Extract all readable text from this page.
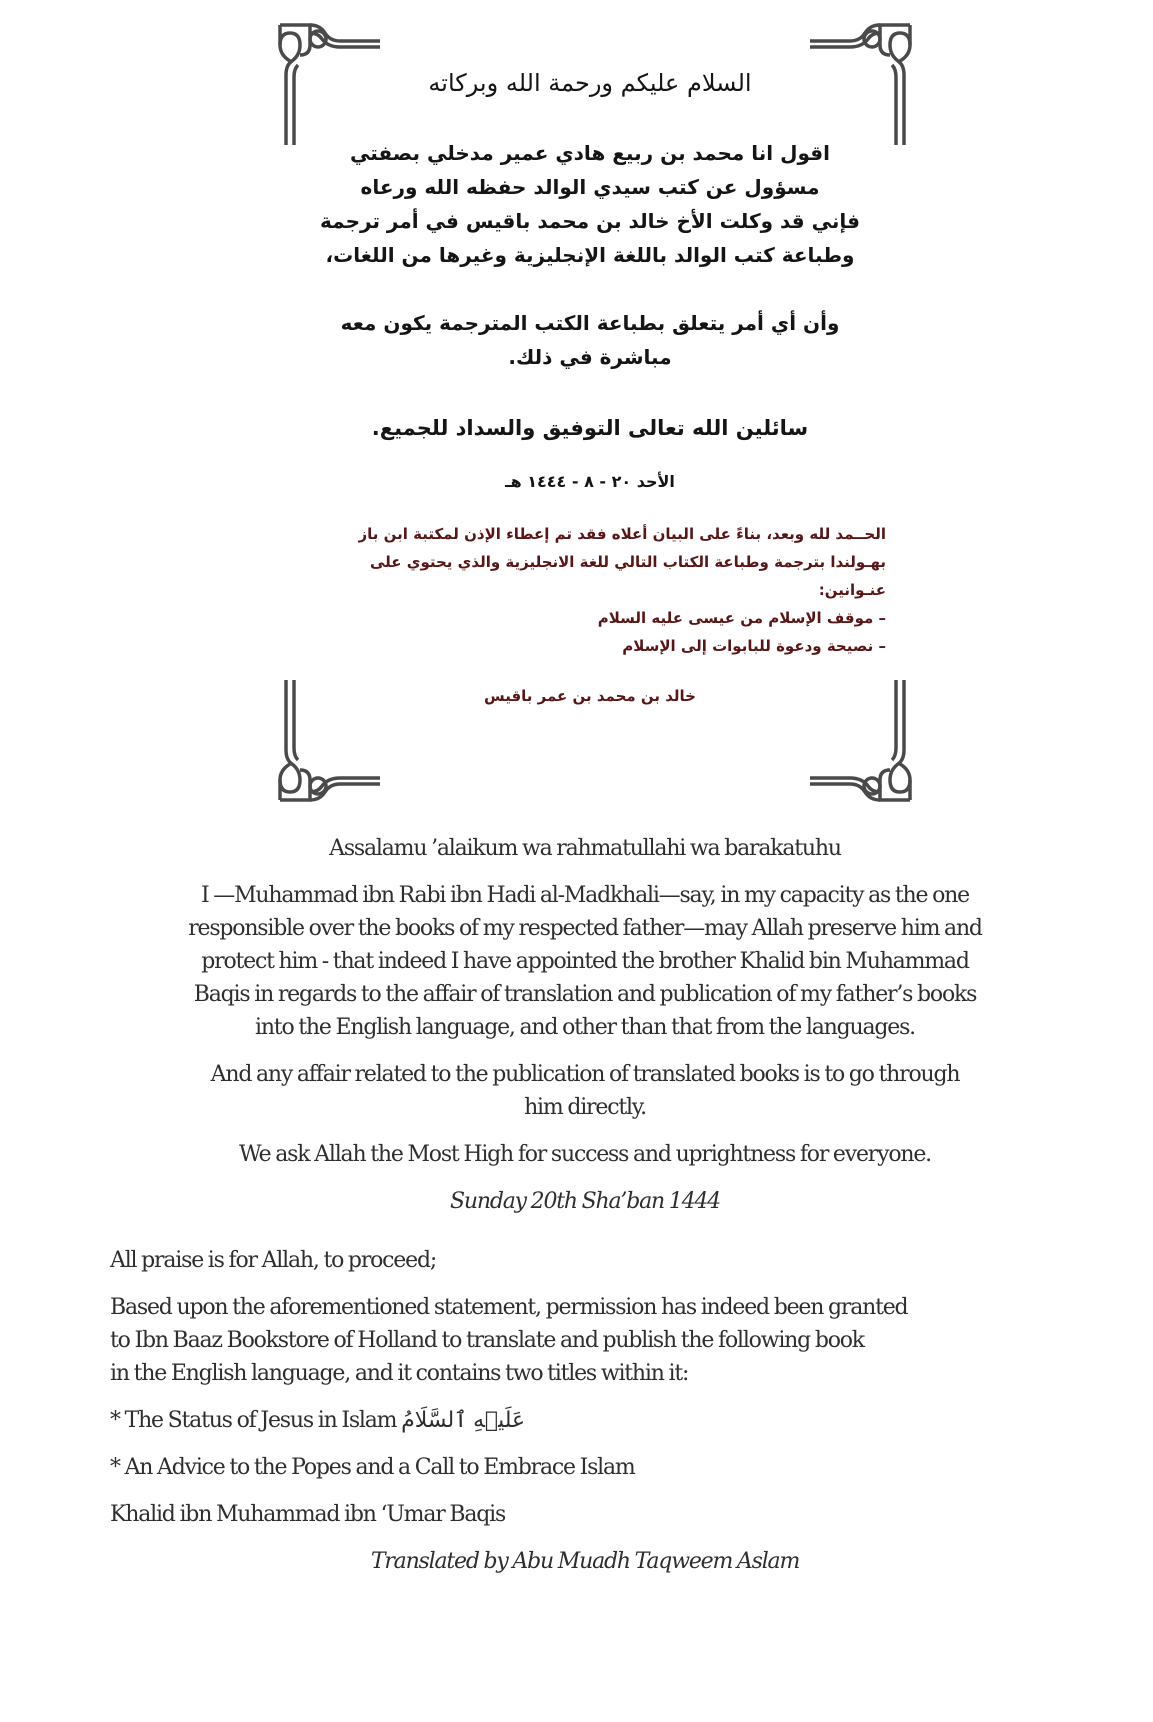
السلام عليكم ورحمة الله وبركاته

اقول انا محمد بن ربيع هادي عمير مدخلي بصفتي

مسؤول عن كتب سيدي الوالد حفظه الله ورعاه

فإني قد وكلت الأخ خالد بن محمد باقيس في أمر ترجمة

وطباعة كتب الوالد باللغة الإنجليزية وغيرها من اللغات،

وأن أي أمر يتعلق بطباعة الكتب المترجمة يكون معه

مباشرة في ذلك.

سائلين الله تعالى التوفيق والسداد للجميع.

الأحد ٢٠ - ٨ - ١٤٤٤ هـ

الحــمد لله وبعد، بناءً على البيان أعلاه فقد تم إعطاء الإذن لمكتبة ابن باز

بهـولندا بترجمة وطباعة الكتاب التالي للغة الانجليزية والذي يحتوي على

عنـوانين:

– موقف الإسلام من عيسى عليه السلام

– نصيحة ودعوة للبابوات إلى الإسلام

خالد بن محمد بن عمر باقيس

Assalamu ’alaikum wa rahmatullahi wa barakatuhu

I —Muhammad ibn Rabi ibn Hadi al-Madkhali—say, in my capacity as the one

responsible over the books of my respected father—may Allah preserve him and

protect him - that indeed I have appointed the brother Khalid bin Muhammad

Baqis in regards to the affair of translation and publication of my father’s books

into the English language, and other than that from the languages.

And any affair related to the publication of translated books is to go through

him directly.

We ask Allah the Most High for success and uprightness for everyone.

Sunday 20th Sha’ban 1444

All praise is for Allah, to proceed;

Based upon the aforementioned statement, permission has indeed been granted

to Ibn Baaz Bookstore of Holland to translate and publish the following book

in the English language, and it contains two titles within it:

* The Status of Jesus in Islam عَلَيۡهِ ٱلسَّلَامُ

* An Advice to the Popes and a Call to Embrace Islam

Khalid ibn Muhammad ibn ‘Umar Baqis

Translated by Abu Muadh Taqweem Aslam
